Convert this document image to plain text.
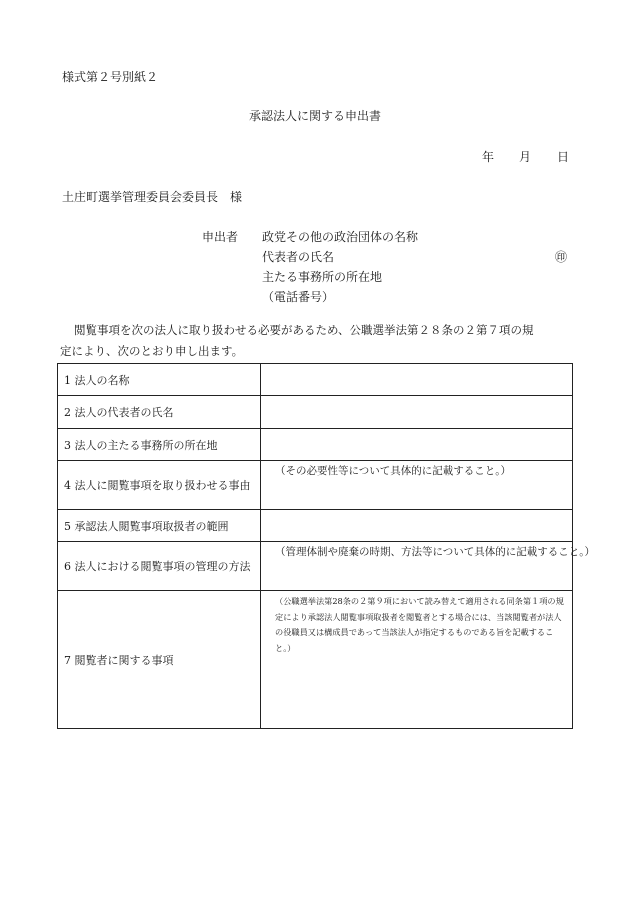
様式第２号別紙２
承認法人に関する申出書
年 月 日
土庄町選挙管理委員会委員長　様
申出者 政党その他の政治団体の名称
代表者の氏名	㊞
主たる事務所の所在地
（電話番号）
閲覧事項を次の法人に取り扱わせる必要があるため、公職選挙法第２８条の２第７項の規
定により、次のとおり申し出ます。
1 法人の名称	
2 法人の代表者の氏名	
3 法人の主たる事務所の所在地	
4 法人に閲覧事項を取り扱わせる事由	（その必要性等について具体的に記載すること。）

5 承認法人閲覧事項取扱者の範囲	
6 法人における閲覧事項の管理の方法	（管理体制や廃棄の時期、方法等について具体的に記載すること。）

7 閲覧者に関する事項	（公職選挙法第28条の２第９項において読み替えて適用される同条第１項の規定により承認法人閲覧事項取扱者を閲覧者とする場合には、当該閲覧者が法人の役職員又は構成員であって当該法人が指定するものである旨を記載すること。）
